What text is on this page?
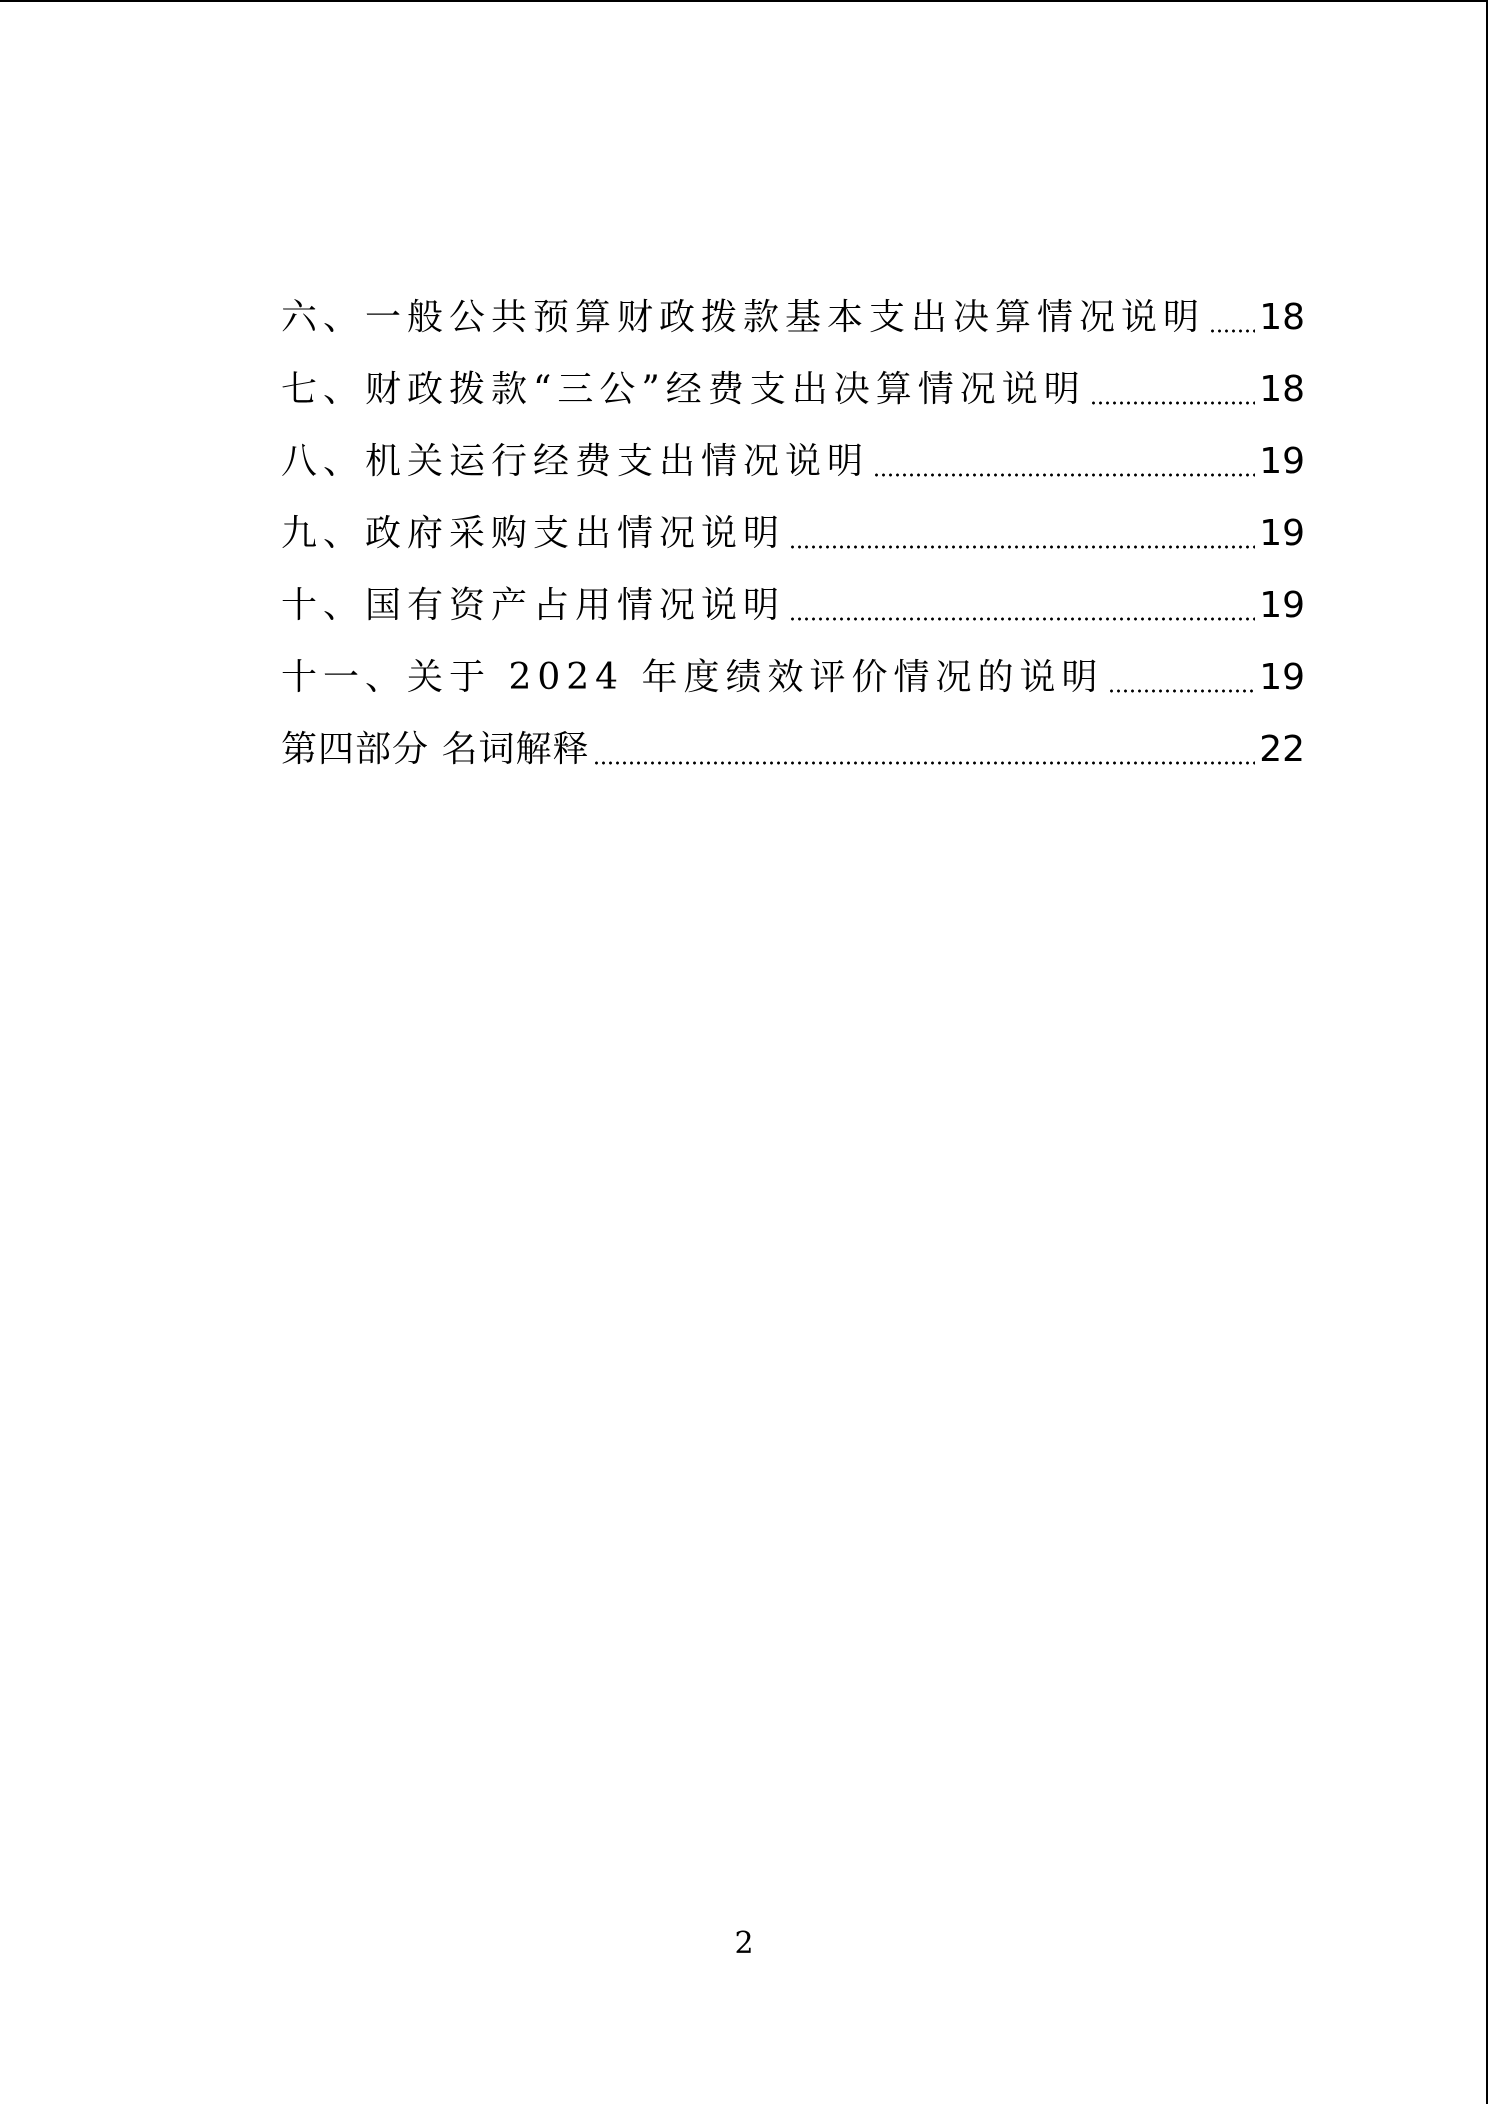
六、一般公共预算财政拨款基本支出决算情况说明 18
七、财政拨款“三公”经费支出决算情况说明	18
八、机关运行经费支出情况说明	19
九、政府采购支出情况说明	19
十、国有资产占用情况说明	19
十一、关于 2024 年度绩效评价情况的说明	19
第四部分 名词解释	22
2
